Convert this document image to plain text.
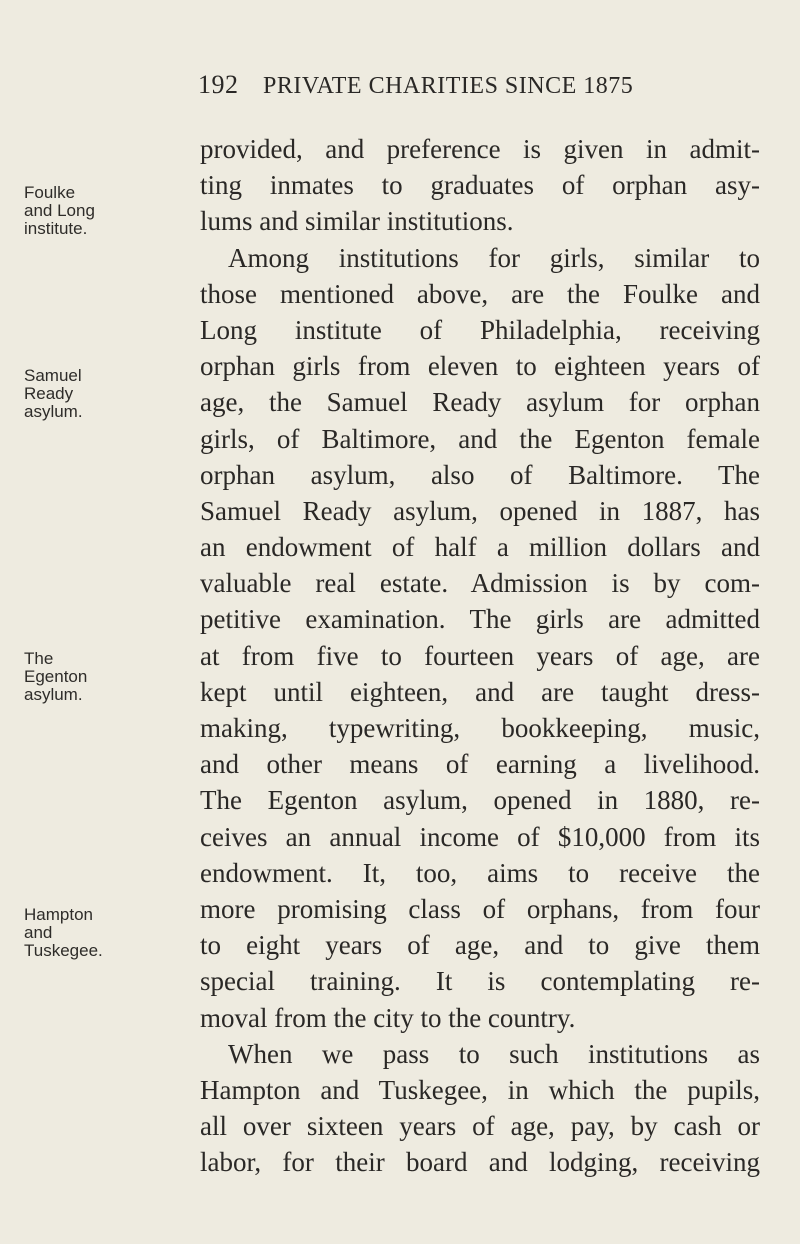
192 PRIVATE CHARITIES SINCE 1875
Foulke
and Long
institute.
Samuel
Ready
asylum.
The
Egenton
asylum.
Hampton
and
Tuskegee.
provided, and preference is given in admit-
ting inmates to graduates of orphan asy-
lums and similar institutions.
Among institutions for girls, similar to
those mentioned above, are the Foulke and
Long institute of Philadelphia, receiving
orphan girls from eleven to eighteen years of
age, the Samuel Ready asylum for orphan
girls, of Baltimore, and the Egenton female
orphan asylum, also of Baltimore. The
Samuel Ready asylum, opened in 1887, has
an endowment of half a million dollars and
valuable real estate. Admission is by com-
petitive examination. The girls are admitted
at from five to fourteen years of age, are
kept until eighteen, and are taught dress-
making, typewriting, bookkeeping, music,
and other means of earning a livelihood.
The Egenton asylum, opened in 1880, re-
ceives an annual income of $10,000 from its
endowment. It, too, aims to receive the
more promising class of orphans, from four
to eight years of age, and to give them
special training. It is contemplating re-
moval from the city to the country.
When we pass to such institutions as
Hampton and Tuskegee, in which the pupils,
all over sixteen years of age, pay, by cash or
labor, for their board and lodging, receiving
